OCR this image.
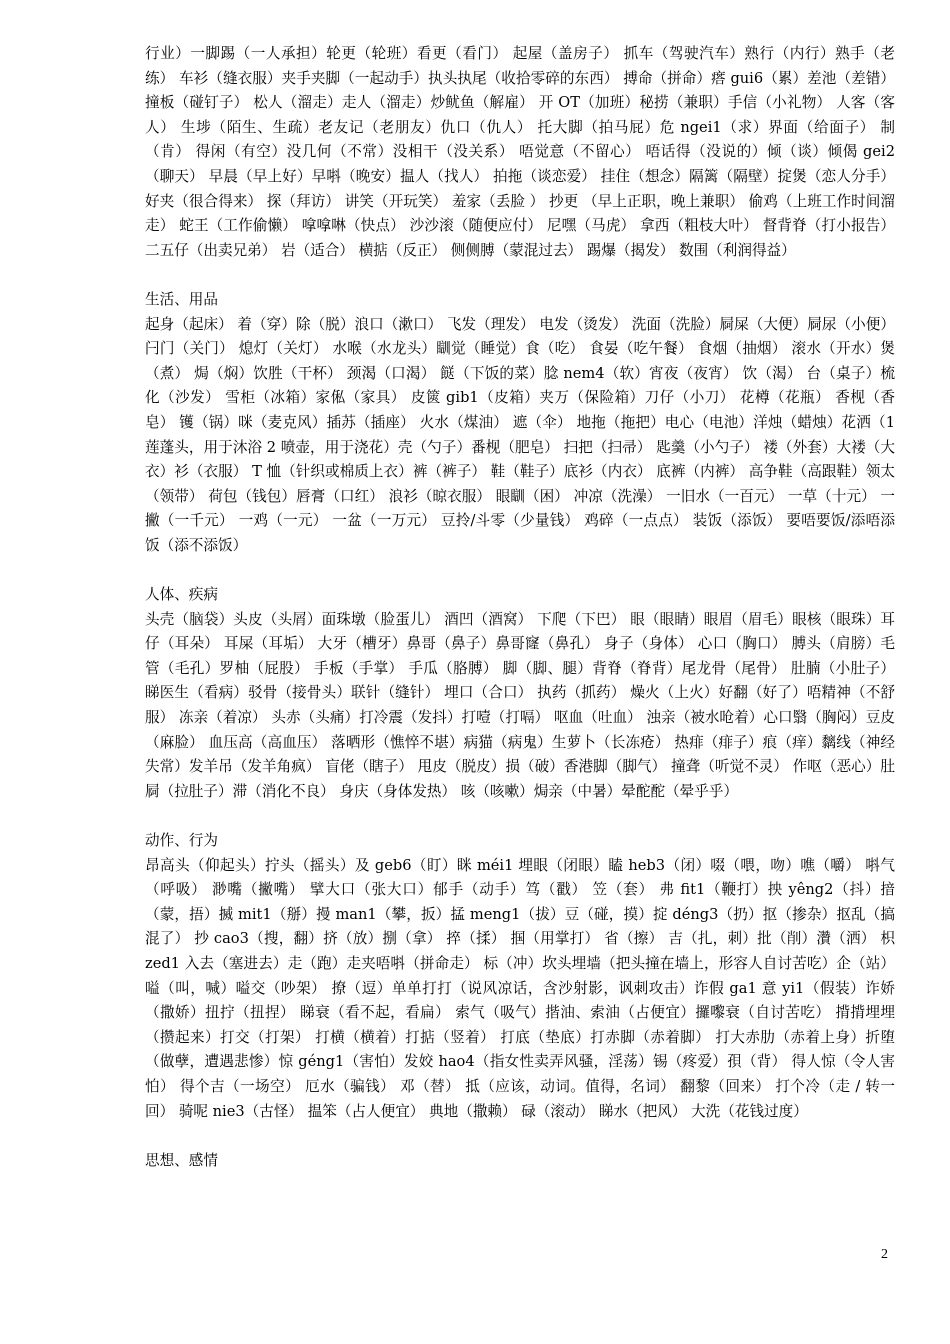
行业）一脚踢（一人承担）轮更（轮班）看更（看门） 起屋（盖房子） 抓车（驾驶汽车）熟行（内行）熟手（老练） 车衫（缝衣服）夹手夹脚（一起动手）执头执尾（收拾零碎的东西） 搏命（拼命）瘩 gui6（累）差池（差错） 撞板（碰钉子） 松人（溜走）走人（溜走）炒鱿鱼（解雇） 开 OT（加班）秘捞（兼职）手信（小礼物） 人客（客人） 生埗（陌生、生疏）老友记（老朋友）仇口（仇人） 托大脚（拍马屁）危 ngei1（求）界面（给面子） 制（肯） 得闲（有空）没几何（不常）没相干（没关系） 唔觉意（不留心） 唔话得（没说的）倾（谈）倾偈 gei2（聊天） 早晨（早上好）早唞（晚安）揾人（找人） 拍拖（谈恋爱） 挂住（想念）隔篱（隔壁）掟煲（恋人分手） 好夹（很合得来） 探（拜访） 讲笑（开玩笑） 羞家（丢脸 ） 抄更 （早上正职，晚上兼职） 偷鸡（上班工作时间溜走） 蛇王（工作偷懒） 嗱嗱啉（快点） 沙沙滚（随便应付） 尼嘿（马虎） 拿西（粗枝大叶） 督背脊（打小报告） 二五仔（出卖兄弟） 岩（适合） 横掂（反正） 侧侧膊（蒙混过去） 踢爆（揭发） 数围（利润得益）

生活、用品

起身（起床） 着（穿）除（脱）浪口（漱口） 飞发（理发） 电发（烫发） 洗面（洗脸）屙屎（大便）屙尿（小便）闩门（关门） 熄灯（关灯） 水喉（水龙头）瞓觉（睡觉）食（吃） 食晏（吃午餐） 食烟（抽烟） 滚水（开水）煲（煮） 焗（焖）饮胜（干杯） 颈渴（口渴） 餸（下饭的菜）腍 nem4（软）宵夜（夜宵） 饮（渴） 台（桌子）梳化（沙发） 雪柜（冰箱）家俬（家具） 皮篋 gib1（皮箱）夹万（保险箱）刀仔（小刀） 花樽（花瓶） 香枧（香皂） 镬（锅）咪（麦克风）插苏（插座） 火水（煤油） 遮（伞） 地拖（拖把）电心（电池）洋烛（蜡烛）花洒（1 莲蓬头，用于沐浴 2 喷壶，用于浇花）壳（勺子）番枧（肥皂） 扫把（扫帚） 匙羹（小勺子） 褛（外套）大褛（大衣）衫（衣服） T 恤（针织或棉质上衣）裤（裤子） 鞋（鞋子）底衫（内衣） 底裤（内裤） 高争鞋（高跟鞋）领太（领带） 荷包（钱包）唇膏（口红） 浪衫（晾衣服） 眼瞓（困） 冲凉（洗澡） 一旧水（一百元） 一草（十元） 一撇（一千元） 一鸡（一元） 一盆（一万元） 豆拎/斗零（少量钱） 鸡碎（一点点） 装饭（添饭） 要唔要饭/添唔添饭（添不添饭）

人体、疾病

头壳（脑袋）头皮（头屑）面珠墩（脸蛋儿） 酒凹（酒窝） 下爬（下巴） 眼（眼睛）眼眉（眉毛）眼核（眼珠）耳仔（耳朵） 耳屎（耳垢） 大牙（槽牙）鼻哥（鼻子）鼻哥窿（鼻孔） 身子（身体） 心口（胸口） 膊头（肩膀）毛管（毛孔）罗柚（屁股） 手板（手掌） 手瓜（胳膊） 脚（脚、腿）背脊（脊背）尾龙骨（尾骨） 肚腩（小肚子） 睇医生（看病）驳骨（接骨头）联针（缝针） 埋口（合口） 执药（抓药） 燥火（上火）好翻（好了）唔精神（不舒服） 冻亲（着凉） 头赤（头痛）打冷震（发抖）打噎（打嗝） 呕血（吐血） 浊亲（被水呛着）心口翳（胸闷）豆皮（麻脸） 血压高（高血压） 落晒形（憔悴不堪）病猫（病鬼）生萝卜（长冻疮） 热痱（痱子）痕（痒）黐线（神经失常）发羊吊（发羊角疯） 盲佬（瞎子） 甩皮（脱皮）损（破）香港脚（脚气） 撞聋（听觉不灵） 作呕（恶心）肚屙（拉肚子）滞（消化不良） 身庆（身体发热） 咳（咳嗽）焗亲（中暑）晕酡酡（晕乎乎）

动作、行为

昂高头（仰起头）拧头（摇头）及 geb6（盯）眯 méi1 埋眼（闭眼）瞌 heb3（闭）啜（喂，吻）噍（嚼） 唞气（呼吸） 渺嘴（撇嘴） 擘大口（张大口）郁手（动手）笃（戳） 笠（套） 弗 fit1（鞭打）抰 yêng2（抖）揞（蒙，捂）搣 mit1（掰）摱 man1（攀，扳）掹 meng1（拔）豆（碰，摸）掟 déng3（扔）抠（掺杂）抠乱（搞混了） 抄 cao3（搜，翻）挤（放）捌（拿） 捽（揉） 掴（用掌打） 省（擦） 吉（扎，刺）批（削）灒（洒） 枳 zed1 入去（塞进去）走（跑）走夹唔唞（拼命走） 标（冲）坎头埋墙（把头撞在墙上，形容人自讨苦吃）企（站） 嗌（叫，喊）嗌交（吵架） 撩（逗）单单打打（说风凉话，含沙射影，讽刺攻击）诈假 ga1 意 yi1（假装）诈娇（撒娇）扭拧（扭捏） 睇衰（看不起，看扁） 索气（吸气）揩油、索油（占便宜）攞嚟衰（自讨苦吃） 揹揹埋埋（攒起来）打交（打架） 打横（横着）打掂（竖着） 打底（垫底）打赤脚（赤着脚） 打大赤肋（赤着上身）折堕（做孽，遭遇悲惨）惊 géng1（害怕）发姣 hao4（指女性卖弄风骚，淫荡）锡（疼爱）孭（背） 得人惊（令人害怕） 得个吉（一场空） 厄水（骗钱） 邓（替） 抵（应该，动词。值得，名词） 翻黎（回来） 打个冷（走 / 转一回） 骑呢 nie3（古怪） 揾笨（占人便宜） 典地（撒赖） 碌（滚动） 睇水（把风） 大洗（花钱过度）

思想、感情

2
